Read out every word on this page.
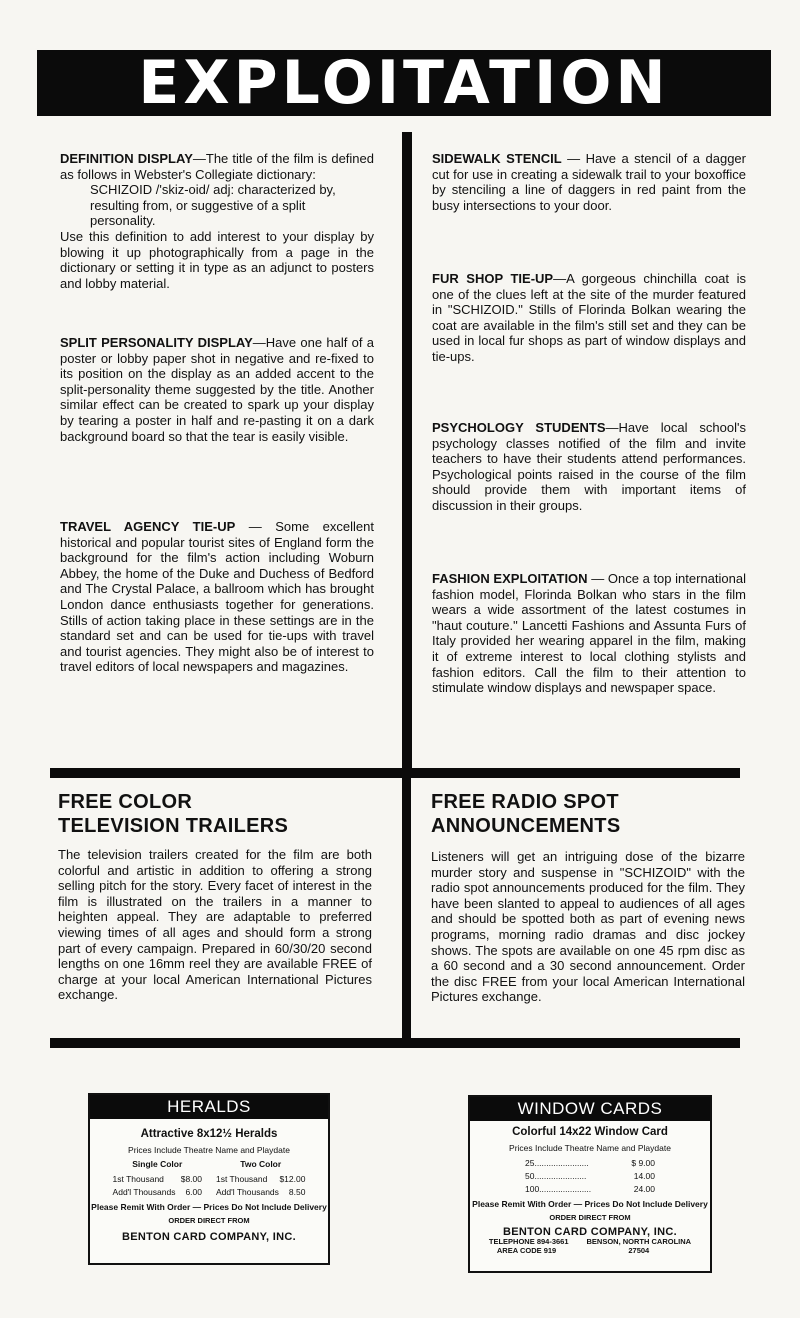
EXPLOITATION

DEFINITION DISPLAY—The title of the film is defined as follows in Webster's Collegiate dictionary:
SCHIZOID /'skiz-oid/ adj: characterized by, resulting from, or suggestive of a split personality.
Use this definition to add interest to your display by blowing it up photographically from a page in the dictionary or setting it in type as an adjunct to posters and lobby material.

SPLIT PERSONALITY DISPLAY—Have one half of a poster or lobby paper shot in negative and re-fixed to its position on the display as an added accent to the split-personality theme suggested by the title. Another similar effect can be created to spark up your display by tearing a poster in half and re-pasting it on a dark background board so that the tear is easily visible.

TRAVEL AGENCY TIE-UP — Some excellent historical and popular tourist sites of England form the background for the film's action including Woburn Abbey, the home of the Duke and Duchess of Bedford and The Crystal Palace, a ballroom which has brought London dance enthusiasts together for generations. Stills of action taking place in these settings are in the standard set and can be used for tie-ups with travel and tourist agencies. They might also be of interest to travel editors of local newspapers and magazines.

SIDEWALK STENCIL — Have a stencil of a dagger cut for use in creating a sidewalk trail to your boxoffice by stenciling a line of daggers in red paint from the busy intersections to your door.

FUR SHOP TIE-UP—A gorgeous chinchilla coat is one of the clues left at the site of the murder featured in "SCHIZOID." Stills of Florinda Bolkan wearing the coat are available in the film's still set and they can be used in local fur shops as part of window displays and tie-ups.

PSYCHOLOGY STUDENTS—Have local school's psychology classes notified of the film and invite teachers to have their students attend performances. Psychological points raised in the course of the film should provide them with important items of discussion in their groups.

FASHION EXPLOITATION — Once a top international fashion model, Florinda Bolkan who stars in the film wears a wide assortment of the latest costumes in "haut couture." Lancetti Fashions and Assunta Furs of Italy provided her wearing apparel in the film, making it of extreme interest to local clothing stylists and fashion editors. Call the film to their attention to stimulate window displays and newspaper space.

FREE COLOR
TELEVISION TRAILERS

The television trailers created for the film are both colorful and artistic in addition to offering a strong selling pitch for the story. Every facet of interest in the film is illustrated on the trailers in a manner to heighten appeal. They are adaptable to preferred viewing times of all ages and should form a strong part of every campaign. Prepared in 60/30/20 second lengths on one 16mm reel they are available FREE of charge at your local American International Pictures exchange.

FREE RADIO SPOT
ANNOUNCEMENTS

Listeners will get an intriguing dose of the bizarre murder story and suspense in "SCHIZOID" with the radio spot announcements produced for the film. They have been slanted to appeal to audiences of all ages and should be spotted both as part of evening news programs, morning radio dramas and disc jockey shows. The spots are available on one 45 rpm disc as a 60 second and a 30 second announcement. Order the disc FREE from your local American International Pictures exchange.

HERALDS
Attractive 8x12½ Heralds
Prices Include Theatre Name and Playdate
Single Color
1st Thousand $8.00
Add'l Thousands 6.00
Two Color
1st Thousand $12.00
Add'l Thousands 8.50
Please Remit With Order — Prices Do Not Include Delivery
ORDER DIRECT FROM
BENTON CARD COMPANY, INC.
WINDOW CARDS
Colorful 14x22 Window Card
Prices Include Theatre Name and Playdate
25.......................	$ 9.00
50......................	14.00
100......................	24.00
Please Remit With Order — Prices Do Not Include Delivery
ORDER DIRECT FROM
BENTON CARD COMPANY, INC.
TELEPHONE 894-3661
AREA CODE 919
BENSON, NORTH CAROLINA
27504
